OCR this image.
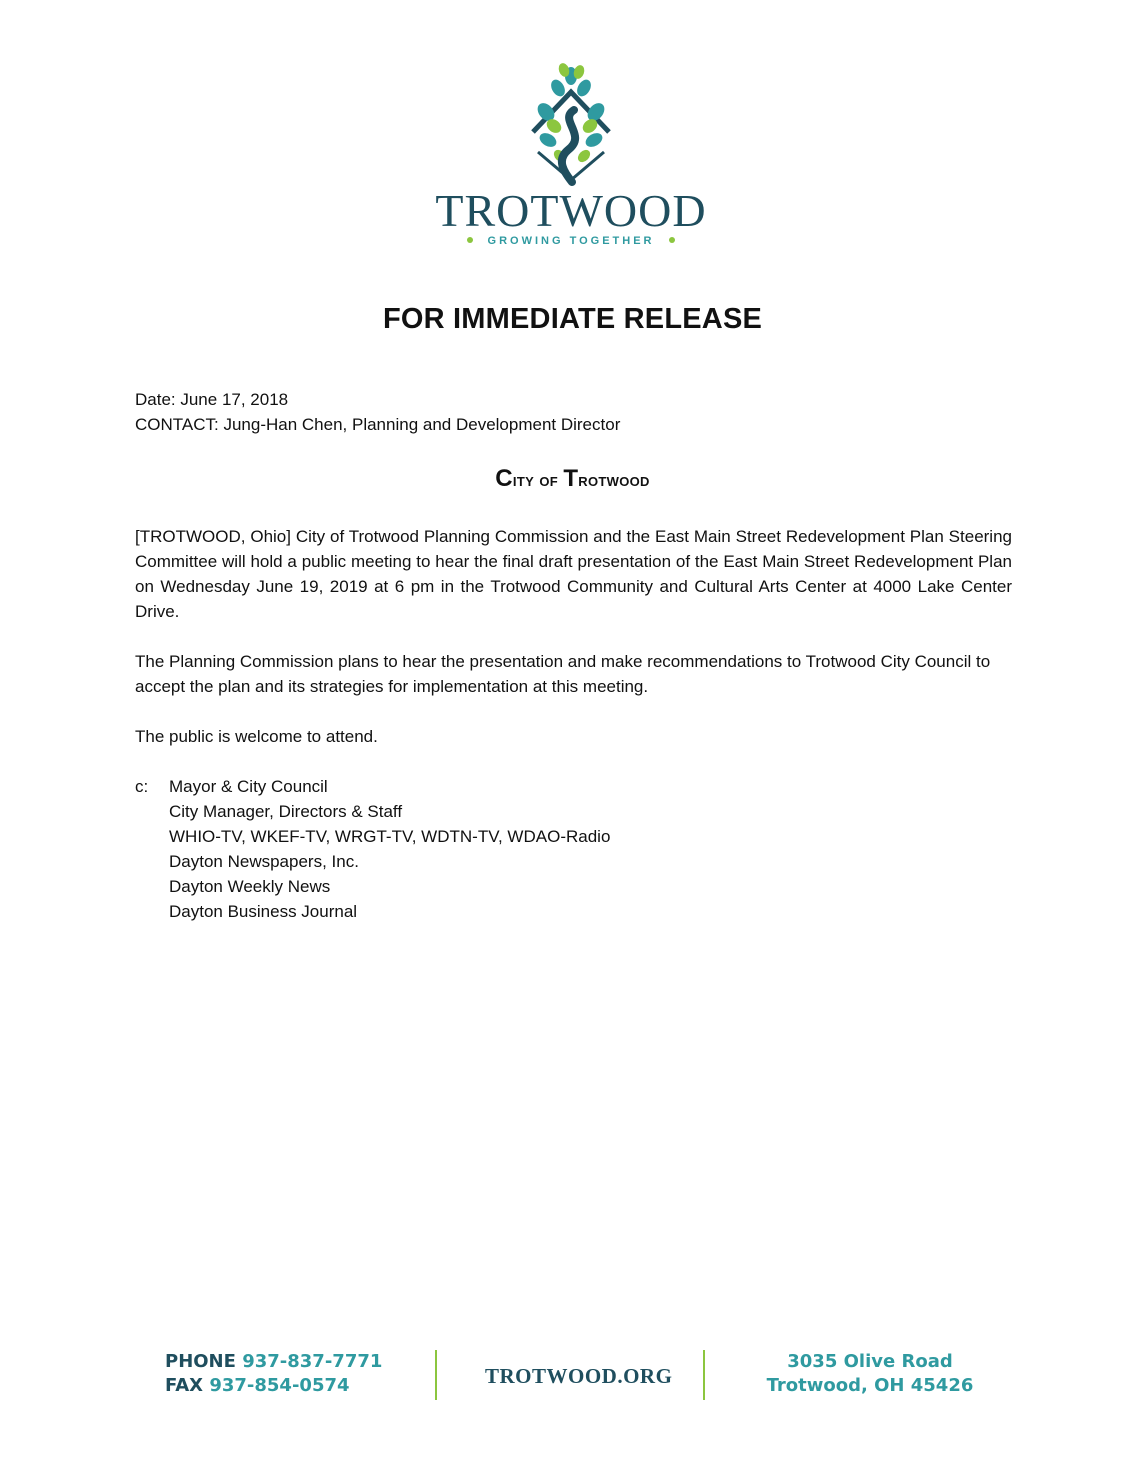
TROTWOOD
GROWING TOGETHER
FOR IMMEDIATE RELEASE
Date: June 17, 2018
CONTACT: Jung-Han Chen, Planning and Development Director
City of Trotwood
[TROTWOOD, Ohio] City of Trotwood Planning Commission and the East Main Street Redevelopment Plan Steering Committee will hold a public meeting to hear the final draft presentation of the East Main Street Redevelopment Plan on Wednesday June 19, 2019 at 6 pm in the Trotwood Community and Cultural Arts Center at 4000 Lake Center Drive.
The Planning Commission plans to hear the presentation and make recommendations to Trotwood City Council to accept the plan and its strategies for implementation at this meeting.
The public is welcome to attend.
c:	Mayor & City Council
City Manager, Directors & Staff
WHIO-TV, WKEF-TV, WRGT-TV, WDTN-TV, WDAO-Radio
Dayton Newspapers, Inc.
Dayton Weekly News
Dayton Business Journal
PHONE 937-837-7771
FAX 937-854-0574	TROTWOOD.ORG
3035 Olive Road
Trotwood, OH 45426
